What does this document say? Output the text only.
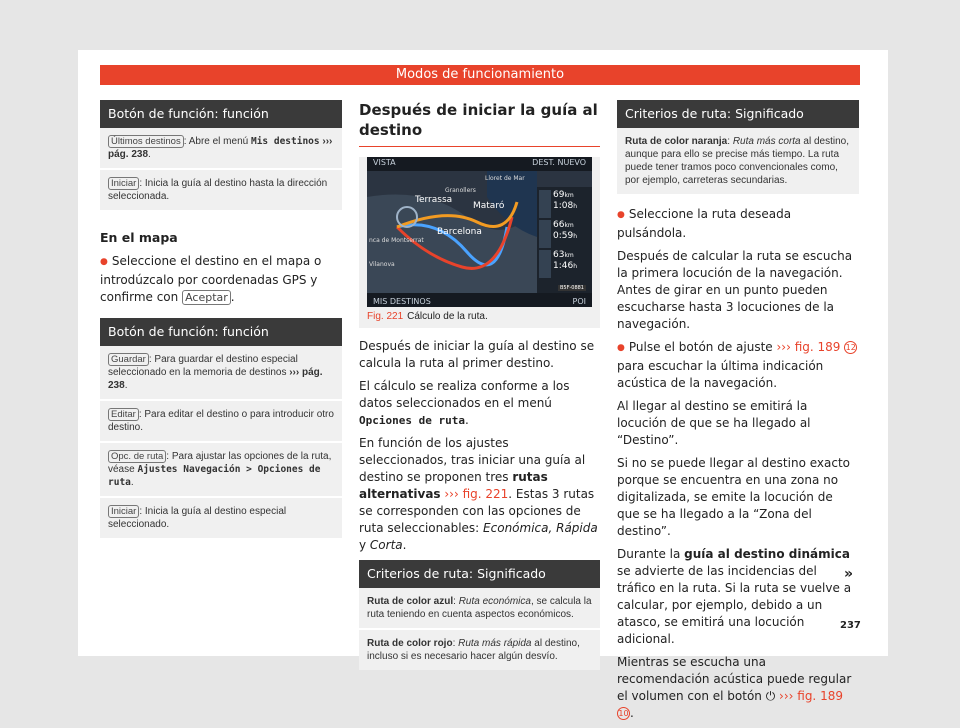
Modos de funcionamiento
Botón de función: función
Últimos destinos : Abre el menú Mis destinos ››› pág. 238.
Iniciar : Inicia la guía al destino hasta la dirección seleccionada.
En el mapa
● Seleccione el destino en el mapa o introdúzcalo por coordenadas GPS y confirme con Aceptar .
Botón de función: función
Guardar : Para guardar el destino especial seleccionado en la memoria de destinos ››› pág. 238.
Editar : Para editar el destino o para introducir otro destino.
Opc. de ruta : Para ajustar las opciones de la ruta, véase Ajustes Navegación > Opciones de ruta.
Iniciar : Inicia la guía al destino especial seleccionado.
Después de iniciar la guía al destino
VISTA	DEST. NUEVO
MIS DESTINOS	POI
B5F-0881
Terrassa
Mataró
Barcelona
Lloret de Mar
Granollers
nca de Montserrat
Vilanova
69km
1:08h
66km
0:59h
63km
1:46h
Fig. 221 Cálculo de la ruta.

Después de iniciar la guía al destino se calcula la ruta al primer destino.

El cálculo se realiza conforme a los datos seleccionados en el menú Opciones de ruta.

En función de los ajustes seleccionados, tras iniciar una guía al destino se proponen tres rutas alternativas ››› fig. 221. Estas 3 rutas se corresponden con las opciones de ruta seleccionables: Económica, Rápida y Corta.

Criterios de ruta: Significado
Ruta de color azul: Ruta económica, se calcula la ruta teniendo en cuenta aspectos económicos.
Ruta de color rojo: Ruta más rápida al destino, incluso si es necesario hacer algún desvío.
Criterios de ruta: Significado
Ruta de color naranja: Ruta más corta al destino, aunque para ello se precise más tiempo. La ruta puede tener tramos poco convencionales como, por ejemplo, carreteras secundarias.

● Seleccione la ruta deseada pulsándola.

Después de calcular la ruta se escucha la primera locución de la navegación. Antes de girar en un punto pueden escucharse hasta 3 locuciones de la navegación.

● Pulse el botón de ajuste ››› fig. 189 12 para escuchar la última indicación acústica de la navegación.

Al llegar al destino se emitirá la locución de que se ha llegado al “Destino”.

Si no se puede llegar al destino exacto porque se encuentra en una zona no digitalizada, se emite la locución de que se ha llegado a la “Zona del destino”.

Durante la guía al destino dinámica se advierte de las incidencias del tráfico en la ruta. Si la ruta se vuelve a calcular, por ejemplo, debido a un atasco, se emitirá una locución adicional.

Mientras se escucha una recomendación acústica puede regular el volumen con el botón ⏻ ››› fig. 189 10.

»
237
